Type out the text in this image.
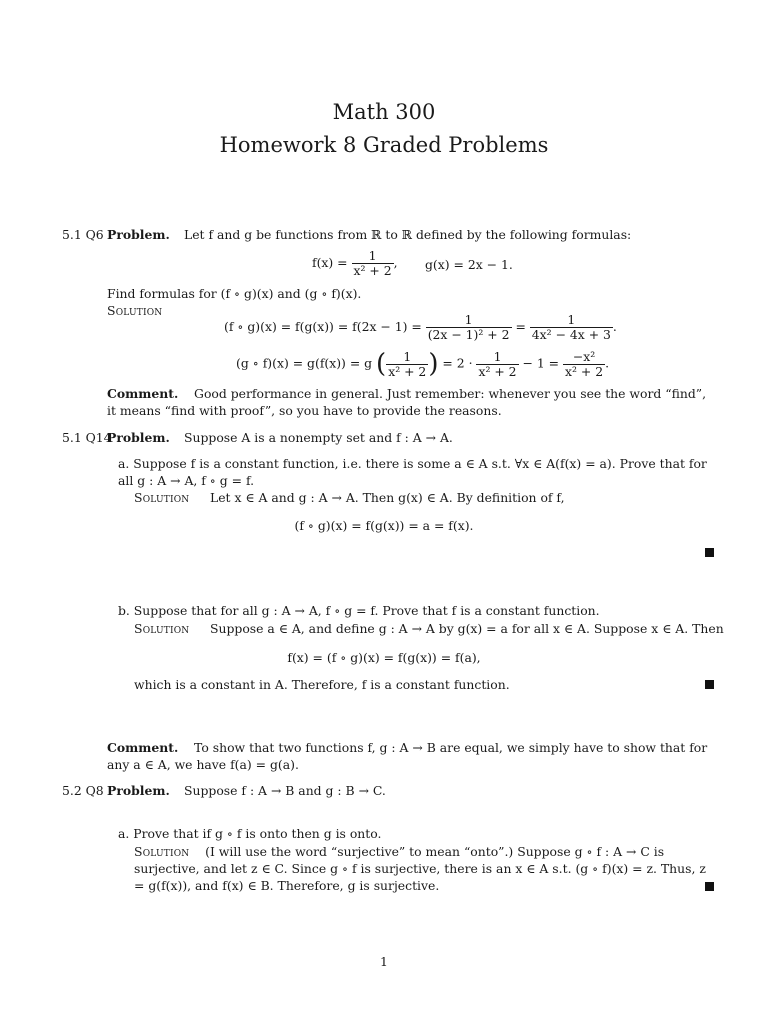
Math 300
Homework 8 Graded Problems
5.1 Q6 Problem. Let f and g be functions from ℝ to ℝ defined by the following formulas:
$f(x) = \frac{1}{\text{x² + 2}}$ , g(x) = 2x − 1.
Find formulas for (f ∘ g)(x) and (g ∘ f)(x).
Solution
(f ∘ $g)(x) = f(g(x)) = f(2x - 1) = \frac{1}{\text{(2x − 1)² + 2}} = \frac{1}{\text{4x² − 4x + 3}}$ .
(g ∘ f)(x) = g(f(x)) = g ( $\frac{1}{\text{x² + 2}}$ ) = $2 \cdot \frac{1}{\text{x² + 2}} - 1 = \frac{\text{−x²}}{\text{x² + 2}}$ .
Comment. Good performance in general. Just remember: whenever you see the word “find”, it means “find with proof”, so you have to provide the reasons.
5.1 Q14
Problem. Suppose A is a nonempty set and f : A → A.
a. Suppose f is a constant function, i.e. there is some a ∈ A s.t. ∀x ∈ A(f(x) = a). Prove that for all g : A → A, f ∘ g = f.
Solution Let x ∈ A and g : A → A. Then g(x) ∈ A. By definition of f,
(f ∘ g)(x) = f(g(x)) = a = f(x).
b. Suppose that for all g : A → A, f ∘ g = f. Prove that f is a constant function.
Solution Suppose a ∈ A, and define g : A → A by g(x) = a for all x ∈ A. Suppose x ∈ A. Then
f(x) = (f ∘ g)(x) = f(g(x)) = f(a),
which is a constant in A. Therefore, f is a constant function.
Comment. To show that two functions f, g : A → B are equal, we simply have to show that for any a ∈ A, we have f(a) = g(a).
5.2 Q8 Problem. Suppose f : A → B and g : B → C.
a. Prove that if g ∘ f is onto then g is onto.
Solution (I will use the word “surjective” to mean “onto”.) Suppose g ∘ f : A → C is surjective, and let z ∈ C. Since g ∘ f is surjective, there is an x ∈ A s.t. (g ∘ f)(x) = z. Thus, z = g(f(x)), and f(x) ∈ B. Therefore, g is surjective.
1
